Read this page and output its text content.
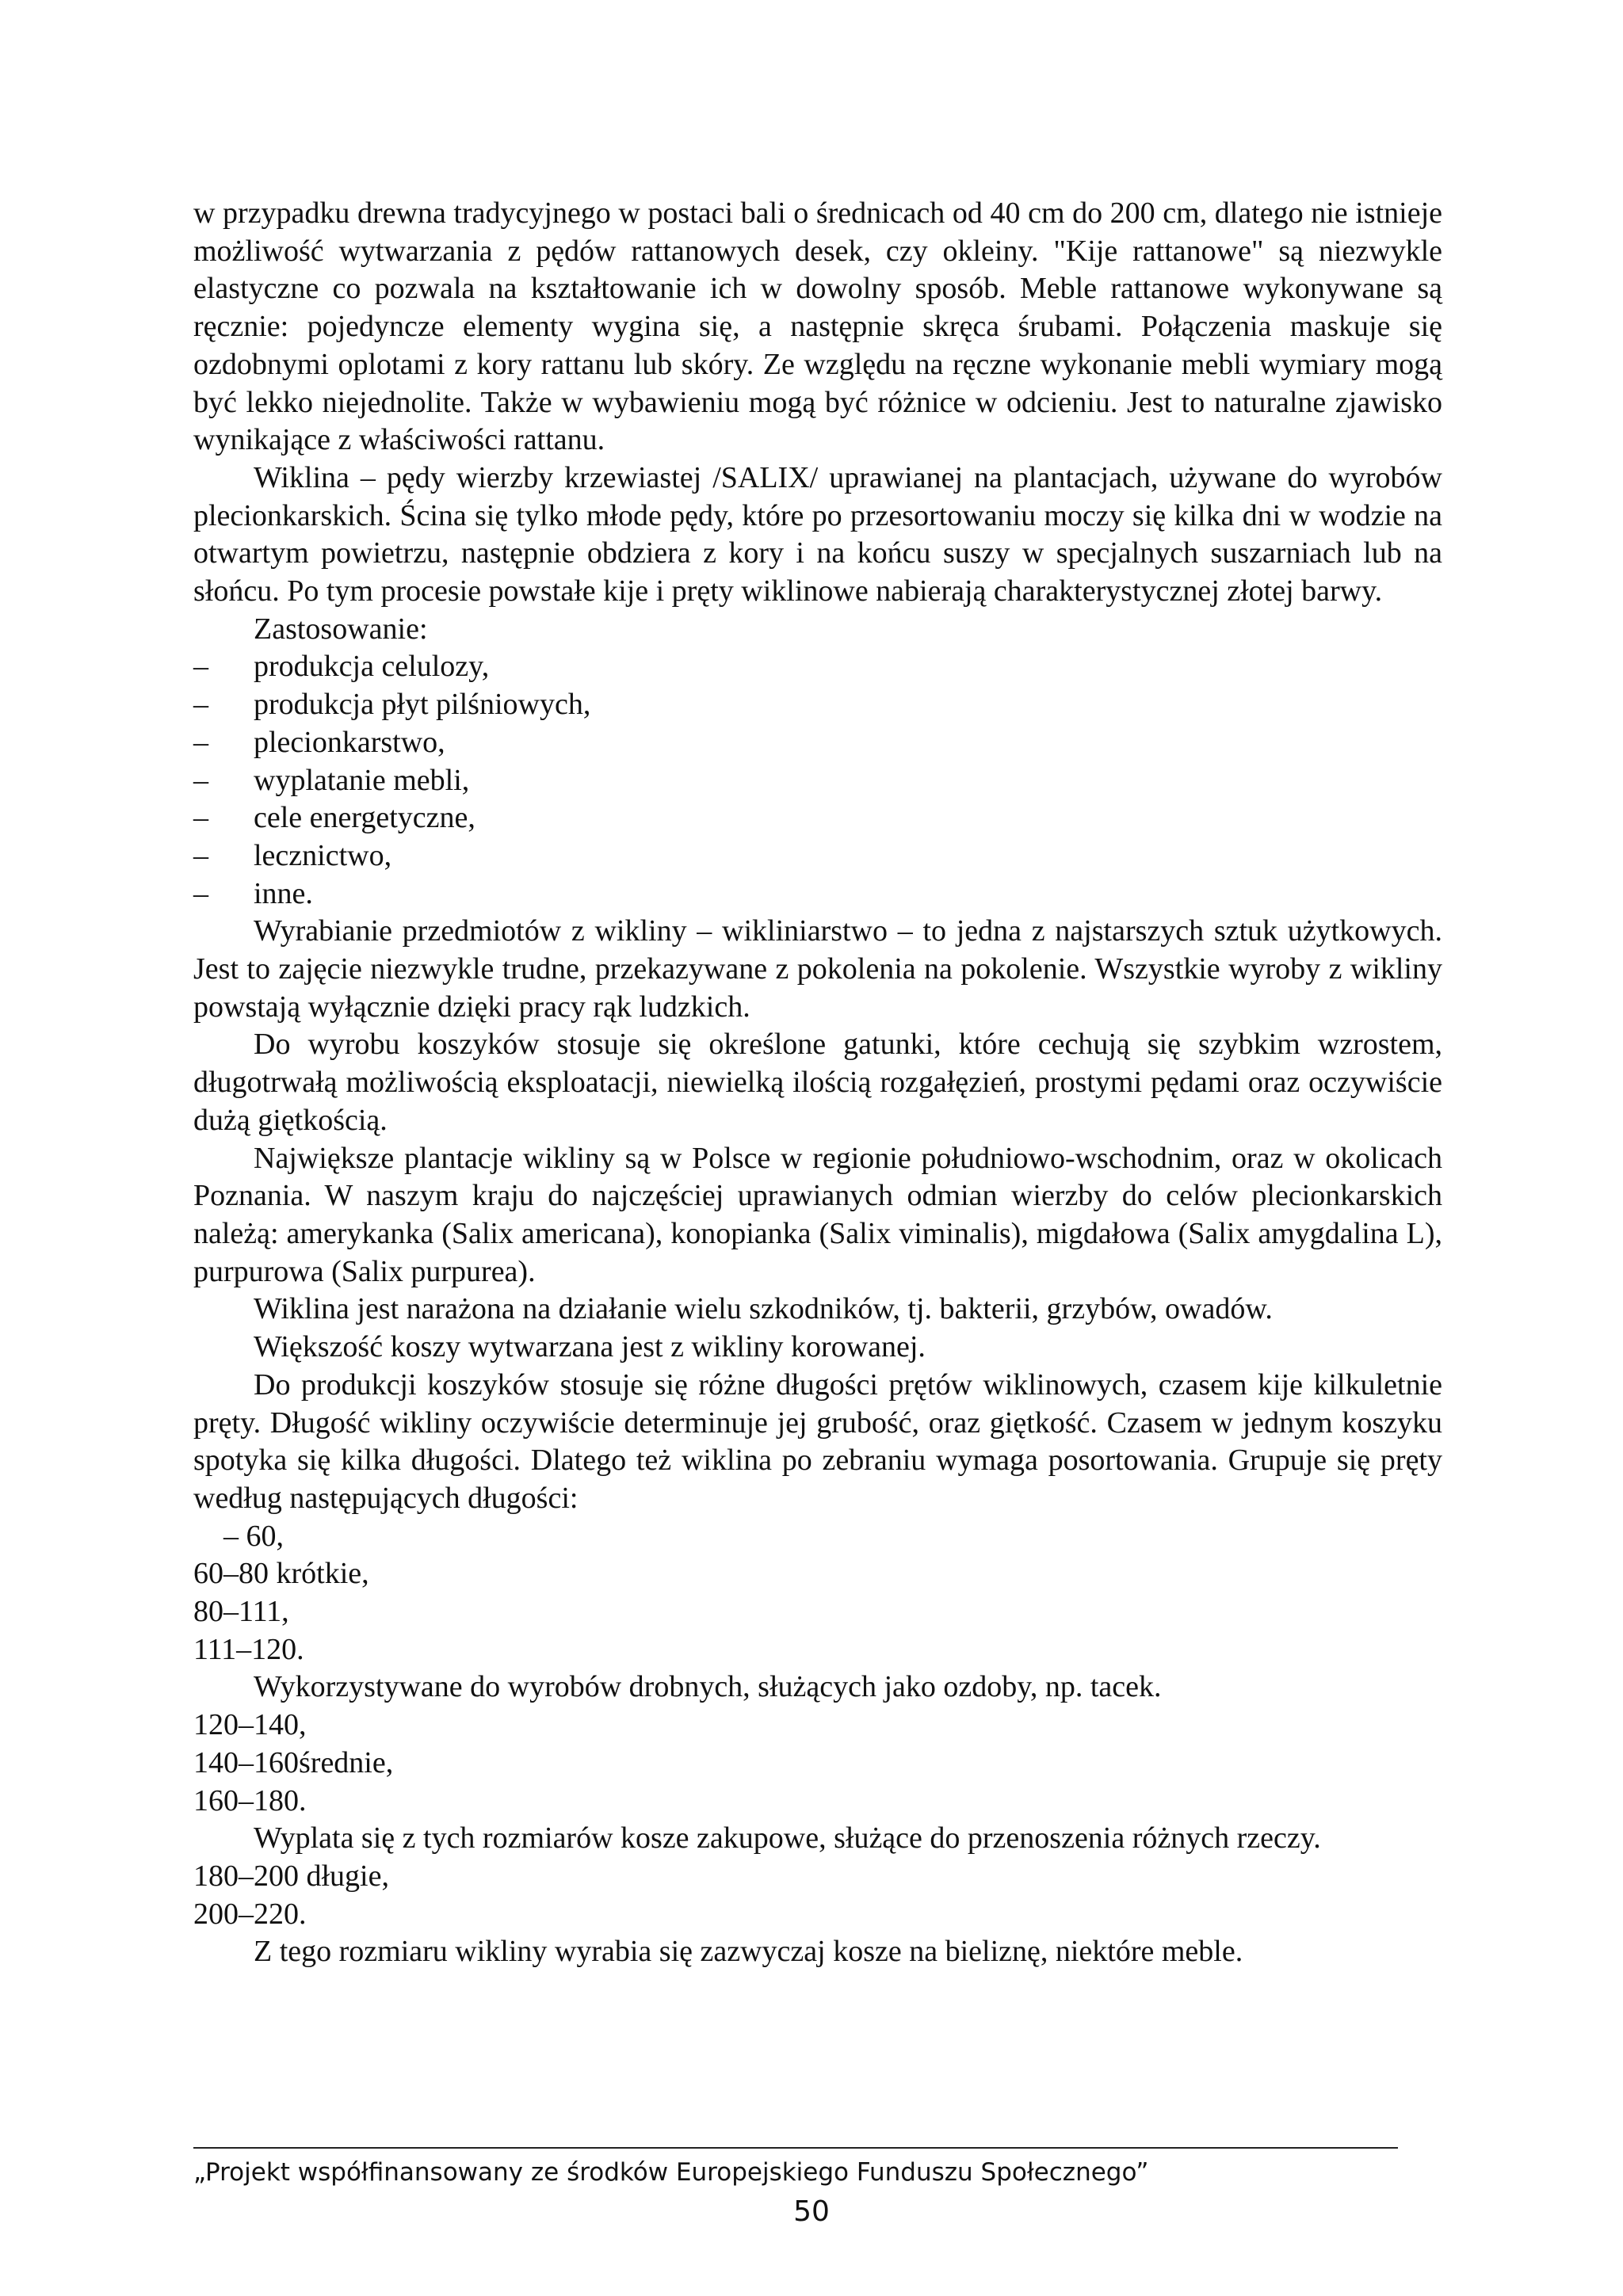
w przypadku drewna tradycyjnego w postaci bali o średnicach od 40 cm do 200 cm, dlatego nie istnieje możliwość wytwarzania z pędów rattanowych desek, czy okleiny. "Kije rattanowe" są niezwykle elastyczne co pozwala na kształtowanie ich w dowolny sposób. Meble rattanowe wykonywane są ręcznie: pojedyncze elementy wygina się, a następnie skręca śrubami. Połączenia maskuje się ozdobnymi oplotami z kory rattanu lub skóry. Ze względu na ręczne wykonanie mebli wymiary mogą być lekko niejednolite. Także w wybawieniu mogą być różnice w odcieniu. Jest to naturalne zjawisko wynikające z właściwości rattanu.

Wiklina – pędy wierzby krzewiastej /SALIX/ uprawianej na plantacjach, używane do wyrobów plecionkarskich. Ścina się tylko młode pędy, które po przesortowaniu moczy się kilka dni w wodzie na otwartym powietrzu, następnie obdziera z kory i na końcu suszy w specjalnych suszarniach lub na słońcu. Po tym procesie powstałe kije i pręty wiklinowe nabierają charakterystycznej złotej barwy.

Zastosowanie:

–	produkcja celulozy,
–	produkcja płyt pilśniowych,
–	plecionkarstwo,
–	wyplatanie mebli,
–	cele energetyczne,
–	lecznictwo,
–	inne.

Wyrabianie przedmiotów z wikliny – wikliniarstwo – to jedna z najstarszych sztuk użytkowych. Jest to zajęcie niezwykle trudne, przekazywane z pokolenia na pokolenie. Wszystkie wyroby z wikliny powstają wyłącznie dzięki pracy rąk ludzkich.

Do wyrobu koszyków stosuje się określone gatunki, które cechują się szybkim wzrostem, długotrwałą możliwością eksploatacji, niewielką ilością rozgałęzień, prostymi pędami oraz oczywiście dużą giętkością.

Największe plantacje wikliny są w Polsce w regionie południowo-wschodnim, oraz w okolicach Poznania. W naszym kraju do najczęściej uprawianych odmian wierzby do celów plecionkarskich należą: amerykanka (Salix americana), konopianka (Salix viminalis), migdałowa (Salix amygdalina L), purpurowa (Salix purpurea).

Wiklina jest narażona na działanie wielu szkodników, tj. bakterii, grzybów, owadów.

Większość koszy wytwarzana jest z wikliny korowanej.

Do produkcji koszyków stosuje się różne długości prętów wiklinowych, czasem kije kilkuletnie pręty. Długość wikliny oczywiście determinuje jej grubość, oraz giętkość. Czasem w jednym koszyku spotyka się kilka długości. Dlatego też wiklina po zebraniu wymaga posortowania. Grupuje się pręty według następujących długości:

– 60,
60–80 krótkie,
80–111,
111–120.

Wykorzystywane do wyrobów drobnych, służących jako ozdoby, np. tacek.

120–140,
140–160średnie,
160–180.

Wyplata się z tych rozmiarów kosze zakupowe, służące do przenoszenia różnych rzeczy.

180–200 długie,
200–220.

Z tego rozmiaru wikliny wyrabia się zazwyczaj kosze na bieliznę, niektóre meble.

„Projekt współfinansowany ze środków Europejskiego Funduszu Społecznego”
50
